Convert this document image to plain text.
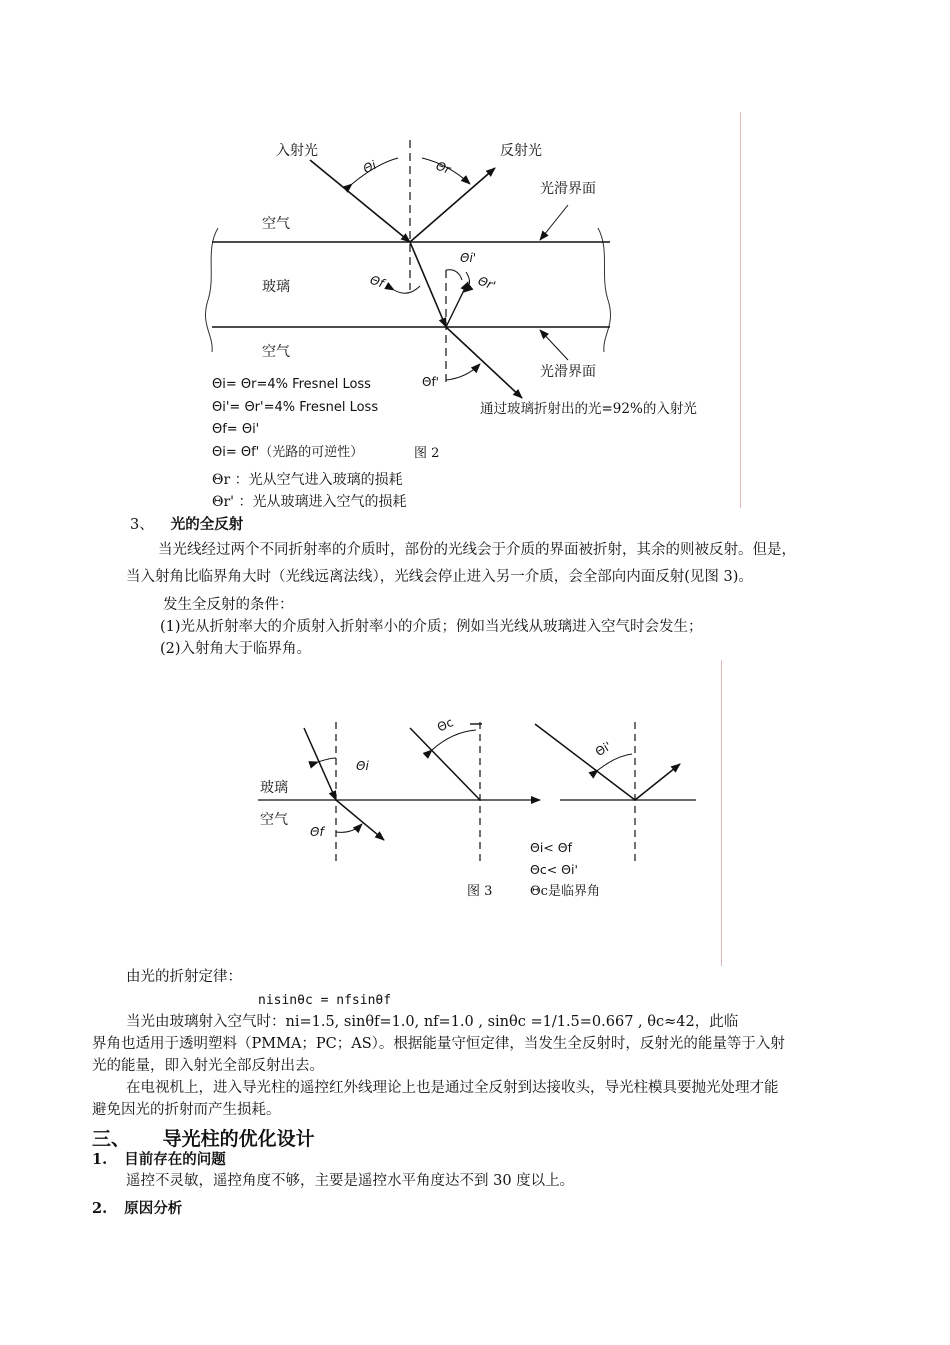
入射光	反射光
光滑界面
空气
玻璃
空气
光滑界面
Θi	Θr
Θi'
Θr'
Θf
Θf'
通过玻璃折射出的光=92%的入射光
Θi= Θr=4% Fresnel Loss
Θi'= Θr'=4% Fresnel Loss
Θf= Θi'
Θi= Θf'（光路的可逆性）	图 2
Θr ：光从空气进入玻璃的损耗
Θr' ：光从玻璃进入空气的损耗
3、 光的全反射
当光线经过两个不同折射率的介质时，部份的光线会于介质的界面被折射，其余的则被反射。但是，
当入射角比临界角大时（光线远离法线），光线会停止进入另一介质，会全部向内面反射(见图 3)。
发生全反射的条件：
(1)光从折射率大的介质射入折射率小的介质；例如当光线从玻璃进入空气时会发生；
(2)入射角大于临界角。
玻璃
空气
Θi
Θf
Θc
Θi'
Θi< Θf
Θc< Θi'
图 3	Θc是临界角
由光的折射定律：
nisinθc = nfsinθf
当光由玻璃射入空气时：ni=1.5, sinθf=1.0, nf=1.0 , sinθc =1/1.5=0.667 , θc≈42，此临
界角也适用于透明塑料（PMMA；PC；AS）。根据能量守恒定律，当发生全反射时，反射光的能量等于入射
光的能量，即入射光全部反射出去。
在电视机上，进入导光柱的遥控红外线理论上也是通过全反射到达接收头，导光柱模具要抛光处理才能
避免因光的折射而产生损耗。
三、 导光柱的优化设计
1. 目前存在的问题
遥控不灵敏，遥控角度不够，主要是遥控水平角度达不到 30 度以上。
2. 原因分析
